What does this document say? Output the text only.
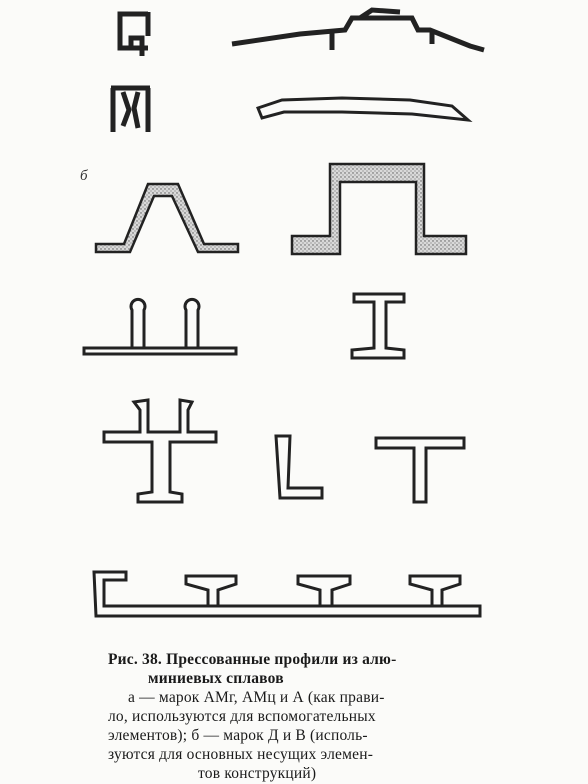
б
Рис. 38. Прессованные профили из алю-
миниевых сплавов
а — марок АМг, АМц и А (как прави-
ло, используются для вспомогательных
элементов); б — марок Д и В (исполь-
зуются для основных несущих элемен-
тов конструкций)
